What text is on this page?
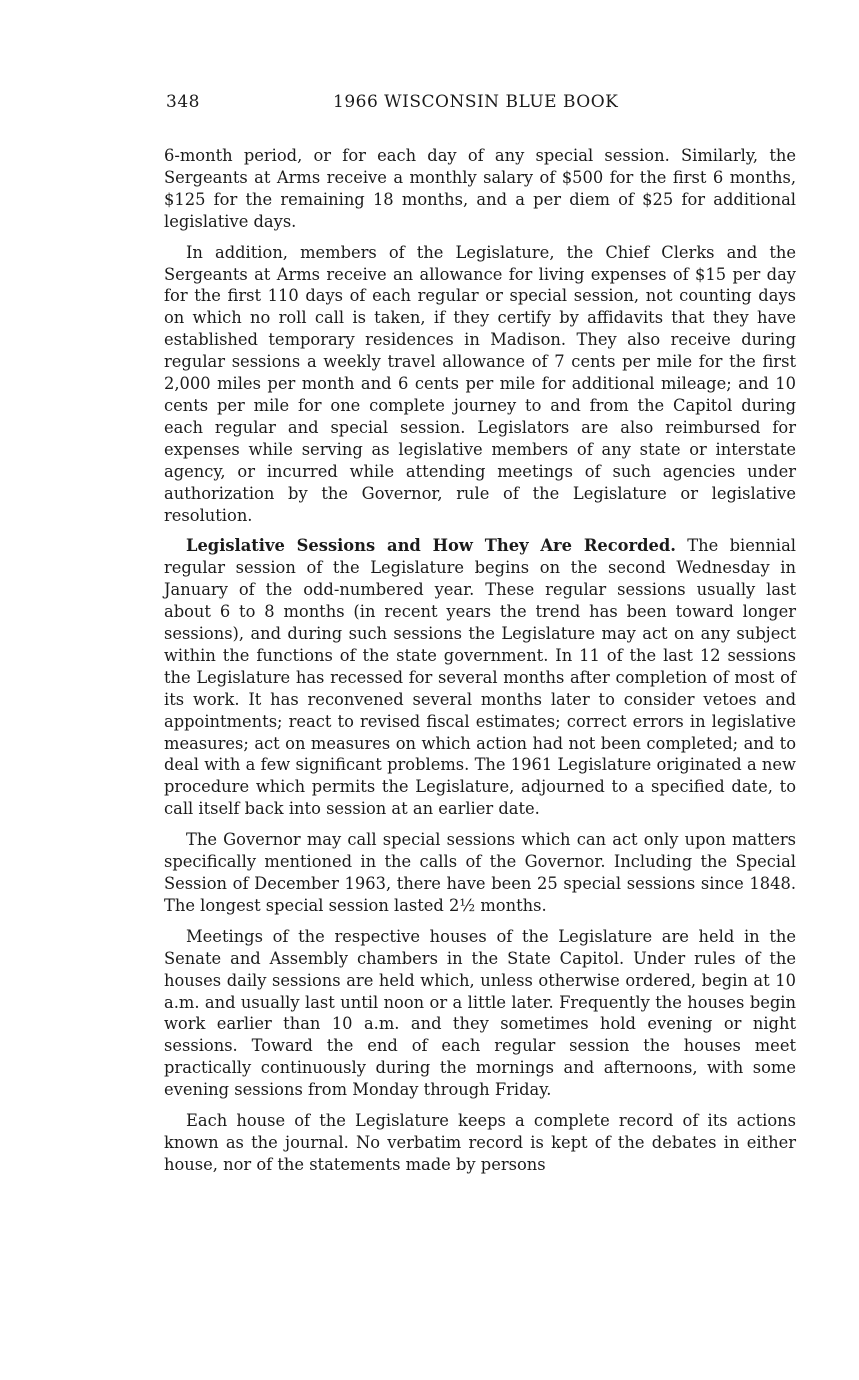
348	1966 WISCONSIN BLUE BOOK

6-month period, or for each day of any special session. Similarly, the Sergeants at Arms receive a monthly salary of $500 for the first 6 months, $125 for the remaining 18 months, and a per diem of $25 for additional legislative days.

In addition, members of the Legislature, the Chief Clerks and the Sergeants at Arms receive an allowance for living expenses of $15 per day for the first 110 days of each regular or special session, not counting days on which no roll call is taken, if they certify by affidavits that they have established temporary residences in Madison. They also receive during regular sessions a weekly travel allowance of 7 cents per mile for the first 2,000 miles per month and 6 cents per mile for additional mileage; and 10 cents per mile for one complete journey to and from the Capitol during each regular and special session. Legislators are also reimbursed for expenses while serving as legislative members of any state or interstate agency, or incurred while attending meetings of such agencies under authorization by the Governor, rule of the Legislature or legislative resolution.

Legislative Sessions and How They Are Recorded. The biennial regular session of the Legislature begins on the second Wednesday in January of the odd-numbered year. These regular sessions usually last about 6 to 8 months (in recent years the trend has been toward longer sessions), and during such sessions the Legislature may act on any subject within the functions of the state government. In 11 of the last 12 sessions the Legislature has recessed for several months after completion of most of its work. It has reconvened several months later to consider vetoes and appointments; react to revised fiscal estimates; correct errors in legislative measures; act on measures on which action had not been completed; and to deal with a few significant problems. The 1961 Legislature originated a new procedure which permits the Legislature, adjourned to a specified date, to call itself back into session at an earlier date.

The Governor may call special sessions which can act only upon matters specifically mentioned in the calls of the Governor. Including the Special Session of December 1963, there have been 25 special sessions since 1848. The longest special session lasted 2½ months.

Meetings of the respective houses of the Legislature are held in the Senate and Assembly chambers in the State Capitol. Under rules of the houses daily sessions are held which, unless otherwise ordered, begin at 10 a.m. and usually last until noon or a little later. Frequently the houses begin work earlier than 10 a.m. and they sometimes hold evening or night sessions. Toward the end of each regular session the houses meet practically continuously during the mornings and afternoons, with some evening sessions from Monday through Friday.

Each house of the Legislature keeps a complete record of its actions known as the journal. No verbatim record is kept of the debates in either house, nor of the statements made by persons
